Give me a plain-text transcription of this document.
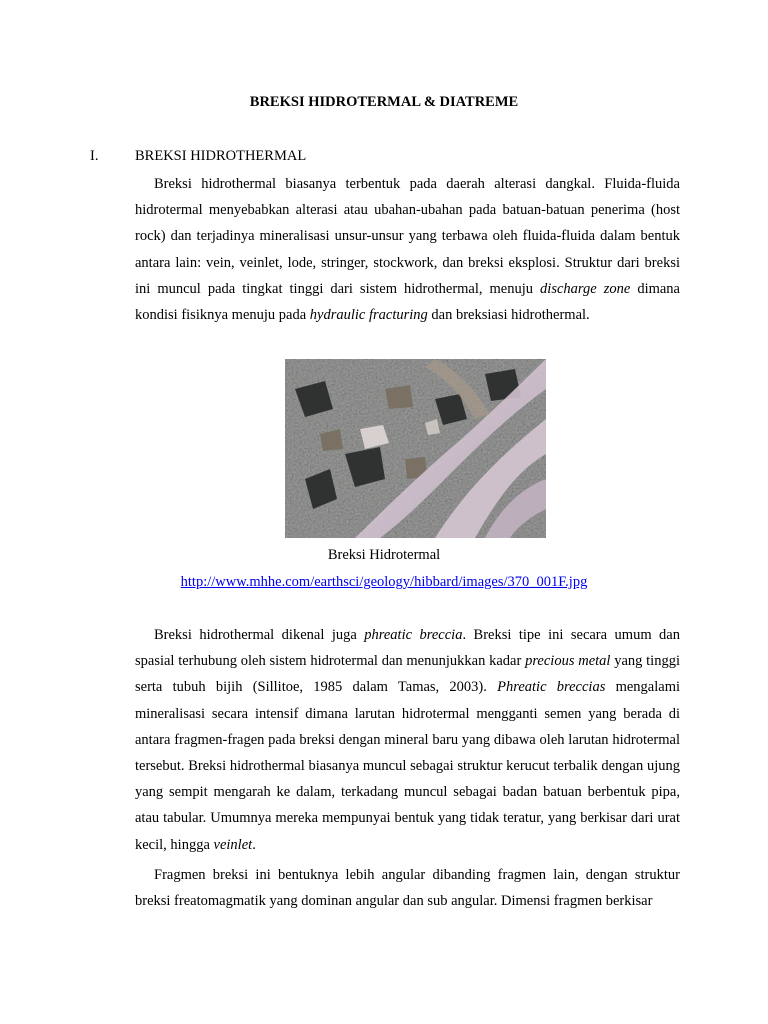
BREKSI HIDROTERMAL & DIATREME
I.	BREKSI HIDROTHERMAL

Breksi hidrothermal biasanya terbentuk pada daerah alterasi dangkal. Fluida-fluida hidrotermal menyebabkan alterasi atau ubahan-ubahan pada batuan-batuan penerima (host rock) dan terjadinya mineralisasi unsur-unsur yang terbawa oleh fluida-fluida dalam bentuk antara lain: vein, veinlet, lode, stringer, stockwork, dan breksi eksplosi. Struktur dari breksi ini muncul pada tingkat tinggi dari sistem hidrothermal, menuju discharge zone dimana kondisi fisiknya menuju pada hydraulic fracturing dan breksiasi hidrothermal.

Breksi Hidrotermal
http://www.mhhe.com/earthsci/geology/hibbard/images/370_001F.jpg

Breksi hidrothermal dikenal juga phreatic breccia. Breksi tipe ini secara umum dan spasial terhubung oleh sistem hidrotermal dan menunjukkan kadar precious metal yang tinggi serta tubuh bijih (Sillitoe, 1985 dalam Tamas, 2003). Phreatic breccias mengalami mineralisasi secara intensif dimana larutan hidrotermal mengganti semen yang berada di antara fragmen-fragen pada breksi dengan mineral baru yang dibawa oleh larutan hidrotermal tersebut. Breksi hidrothermal biasanya muncul sebagai struktur kerucut terbalik dengan ujung yang sempit mengarah ke dalam, terkadang muncul sebagai badan batuan berbentuk pipa, atau tabular. Umumnya mereka mempunyai bentuk yang tidak teratur, yang berkisar dari urat kecil, hingga veinlet.

Fragmen breksi ini bentuknya lebih angular dibanding fragmen lain, dengan struktur breksi freatomagmatik yang dominan angular dan sub angular. Dimensi fragmen berkisar
